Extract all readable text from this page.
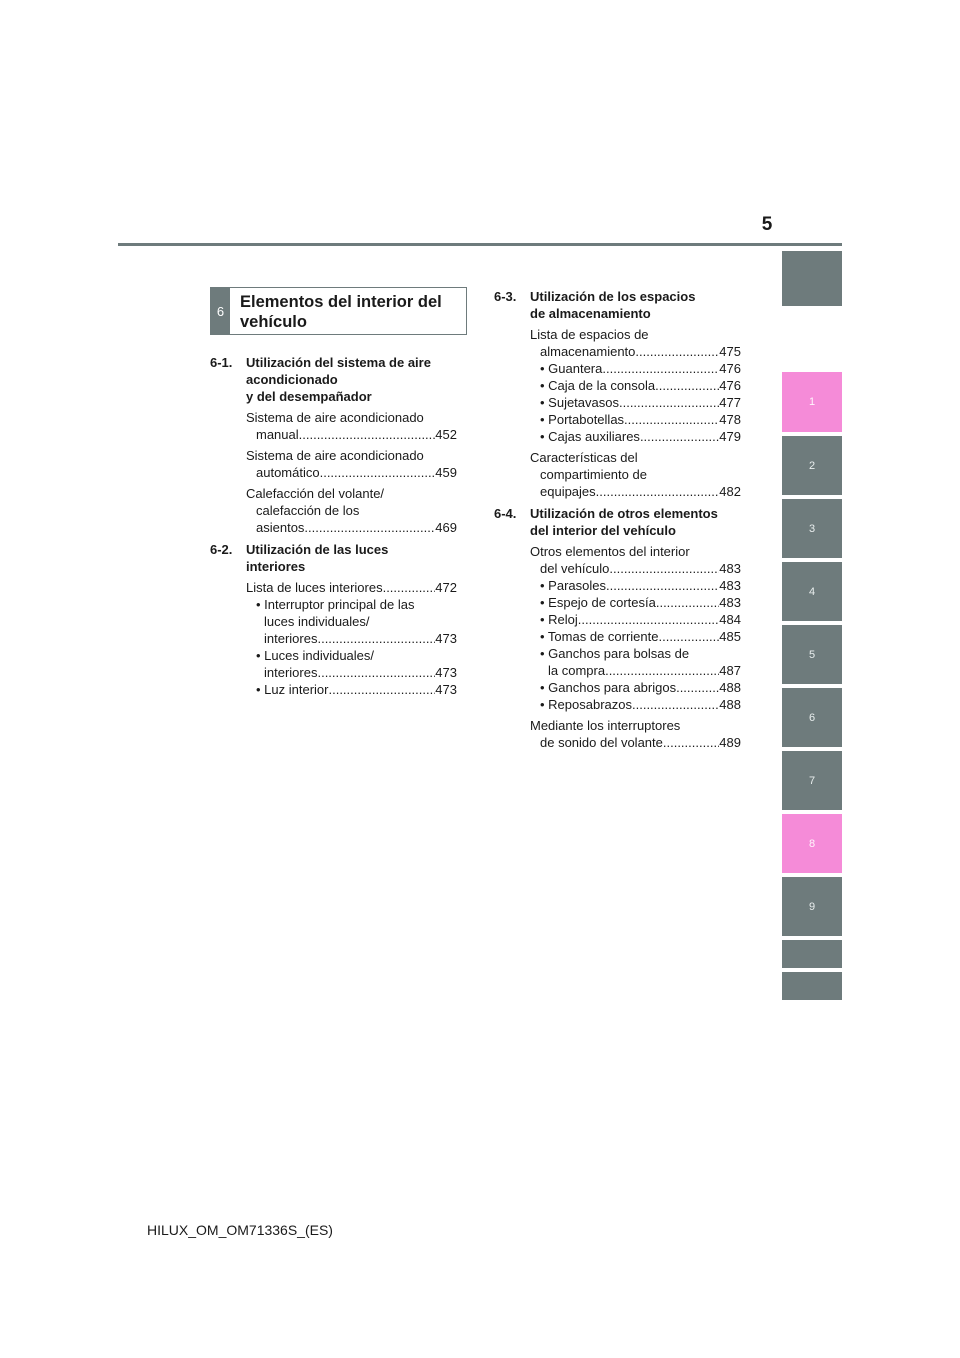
5
6 Elementos del interior del
vehículo
6-1.	Utilización del sistema de aire
acondicionado
y del desempañador
Sistema de aire acondicionado
manual .....	452
Sistema de aire acondicionado
automático .....	459
Calefacción del volante/
calefacción de los
asientos .....	469
6-2.	Utilización de las luces
interiores
Lista de luces interiores .....	472
• Interruptor principal de las
luces individuales/
interiores .....	473
• Luces individuales/
interiores .....	473
• Luz interior .....	473
6-3.	Utilización de los espacios
de almacenamiento
Lista de espacios de
almacenamiento .....	475
• Guantera .....	476
• Caja de la consola .....	476
• Sujetavasos .....	477
• Portabotellas .....	478
• Cajas auxiliares .....	479
Características del
compartimiento de
equipajes .....	482
6-4.	Utilización de otros elementos
del interior del vehículo
Otros elementos del interior
del vehículo .....	483
• Parasoles. .....	483
• Espejo de cortesía .....	483
• Reloj .....	484
• Tomas de corriente .....	485
• Ganchos para bolsas de
la compra .....	487
• Ganchos para abrigos .....	488
• Reposabrazos .....	488
Mediante los interruptores
de sonido del volante .....	489
1
2
3
4
5
6
7
8
9
HILUX_OM_OM71336S_(ES)
